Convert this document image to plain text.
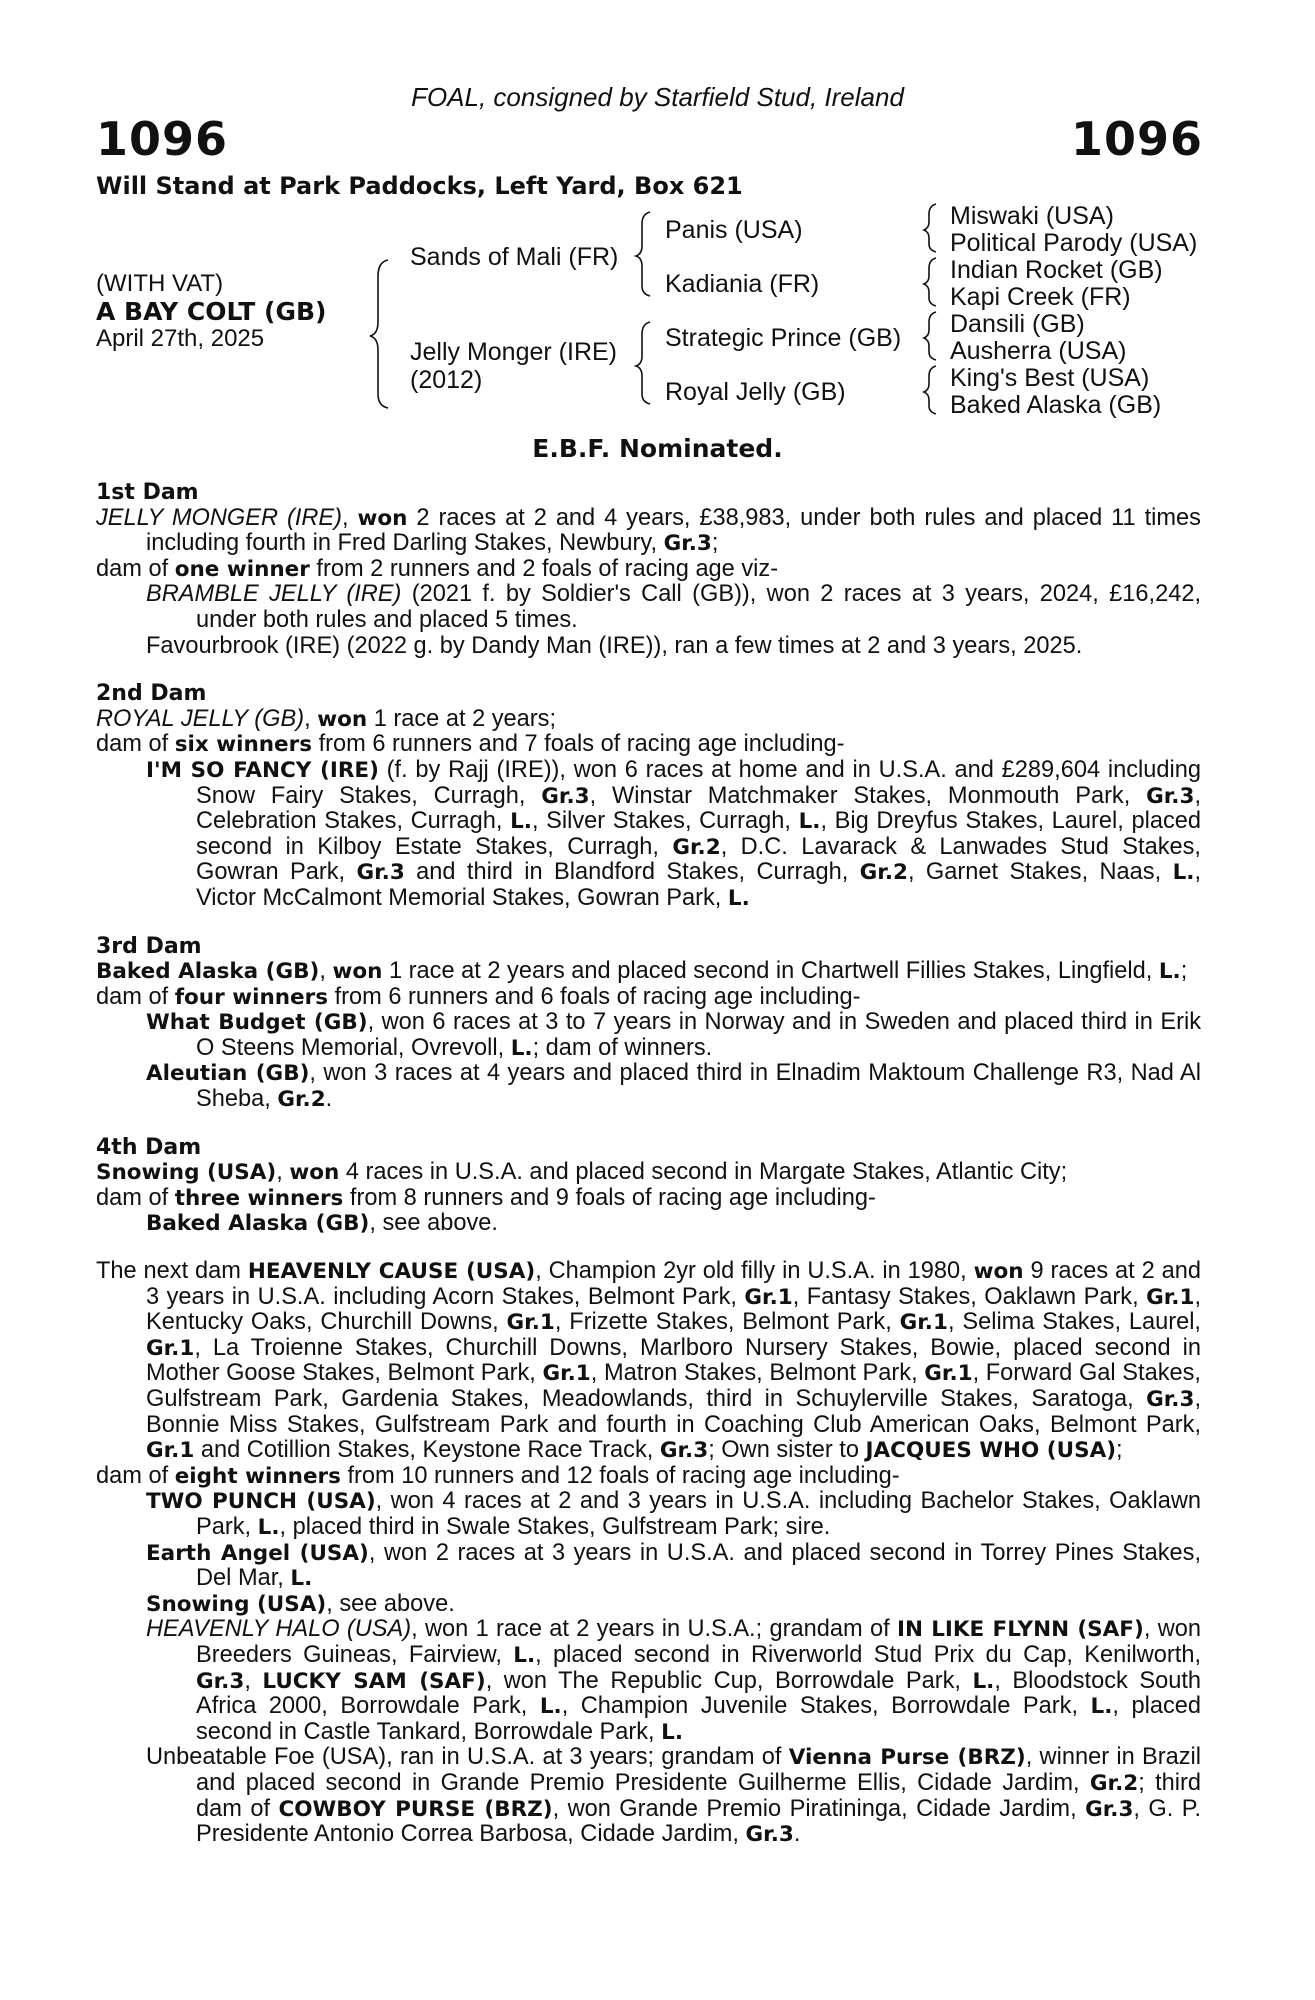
FOAL, consigned by Starfield Stud, Ireland
1096	1096
Will Stand at Park Paddocks, Left Yard, Box 621
(WITH VAT)
A BAY COLT (GB)
April 27th, 2025
Sands of Mali (FR)
Jelly Monger (IRE)
(2012)
Panis (USA)
Kadiania (FR)
Strategic Prince (GB)
Royal Jelly (GB)
Miswaki (USA)
Political Parody (USA)
Indian Rocket (GB)
Kapi Creek (FR)
Dansili (GB)
Ausherra (USA)
King's Best (USA)
Baked Alaska (GB)
E.B.F. Nominated.

1st Dam

JELLY MONGER (IRE), won 2 races at 2 and 4 years, £38,983, under both rules and placed 11 times including fourth in Fred Darling Stakes, Newbury, Gr.3;

dam of one winner from 2 runners and 2 foals of racing age viz-

BRAMBLE JELLY (IRE) (2021 f. by Soldier's Call (GB)), won 2 races at 3 years, 2024, £16,242, under both rules and placed 5 times.

Favourbrook (IRE) (2022 g. by Dandy Man (IRE)), ran a few times at 2 and 3 years, 2025.

2nd Dam

ROYAL JELLY (GB), won 1 race at 2 years;

dam of six winners from 6 runners and 7 foals of racing age including-

I'M SO FANCY (IRE) (f. by Rajj (IRE)), won 6 races at home and in U.S.A. and £289,604 including Snow Fairy Stakes, Curragh, Gr.3, Winstar Matchmaker Stakes, Monmouth Park, Gr.3, Celebration Stakes, Curragh, L., Silver Stakes, Curragh, L., Big Dreyfus Stakes, Laurel, placed second in Kilboy Estate Stakes, Curragh, Gr.2, D.C. Lavarack & Lanwades Stud Stakes, Gowran Park, Gr.3 and third in Blandford Stakes, Curragh, Gr.2, Garnet Stakes, Naas, L., Victor McCalmont Memorial Stakes, Gowran Park, L.

3rd Dam

Baked Alaska (GB), won 1 race at 2 years and placed second in Chartwell Fillies Stakes, Lingfield, L.;

dam of four winners from 6 runners and 6 foals of racing age including-

What Budget (GB), won 6 races at 3 to 7 years in Norway and in Sweden and placed third in Erik O Steens Memorial, Ovrevoll, L.; dam of winners.

Aleutian (GB), won 3 races at 4 years and placed third in Elnadim Maktoum Challenge R3, Nad Al Sheba, Gr.2.

4th Dam

Snowing (USA), won 4 races in U.S.A. and placed second in Margate Stakes, Atlantic City;

dam of three winners from 8 runners and 9 foals of racing age including-

Baked Alaska (GB), see above.

The next dam HEAVENLY CAUSE (USA), Champion 2yr old filly in U.S.A. in 1980, won 9 races at 2 and 3 years in U.S.A. including Acorn Stakes, Belmont Park, Gr.1, Fantasy Stakes, Oaklawn Park, Gr.1, Kentucky Oaks, Churchill Downs, Gr.1, Frizette Stakes, Belmont Park, Gr.1, Selima Stakes, Laurel, Gr.1, La Troienne Stakes, Churchill Downs, Marlboro Nursery Stakes, Bowie, placed second in Mother Goose Stakes, Belmont Park, Gr.1, Matron Stakes, Belmont Park, Gr.1, Forward Gal Stakes, Gulfstream Park, Gardenia Stakes, Meadowlands, third in Schuylerville Stakes, Saratoga, Gr.3, Bonnie Miss Stakes, Gulfstream Park and fourth in Coaching Club American Oaks, Belmont Park, Gr.1 and Cotillion Stakes, Keystone Race Track, Gr.3; Own sister to JACQUES WHO (USA);

dam of eight winners from 10 runners and 12 foals of racing age including-

TWO PUNCH (USA), won 4 races at 2 and 3 years in U.S.A. including Bachelor Stakes, Oaklawn Park, L., placed third in Swale Stakes, Gulfstream Park; sire.

Earth Angel (USA), won 2 races at 3 years in U.S.A. and placed second in Torrey Pines Stakes, Del Mar, L.

Snowing (USA), see above.

HEAVENLY HALO (USA), won 1 race at 2 years in U.S.A.; grandam of IN LIKE FLYNN (SAF), won Breeders Guineas, Fairview, L., placed second in Riverworld Stud Prix du Cap, Kenilworth, Gr.3, LUCKY SAM (SAF), won The Republic Cup, Borrowdale Park, L., Bloodstock South Africa 2000, Borrowdale Park, L., Champion Juvenile Stakes, Borrowdale Park, L., placed second in Castle Tankard, Borrowdale Park, L.

Unbeatable Foe (USA), ran in U.S.A. at 3 years; grandam of Vienna Purse (BRZ), winner in Brazil and placed second in Grande Premio Presidente Guilherme Ellis, Cidade Jardim, Gr.2; third dam of COWBOY PURSE (BRZ), won Grande Premio Piratininga, Cidade Jardim, Gr.3, G. P. Presidente Antonio Correa Barbosa, Cidade Jardim, Gr.3.
